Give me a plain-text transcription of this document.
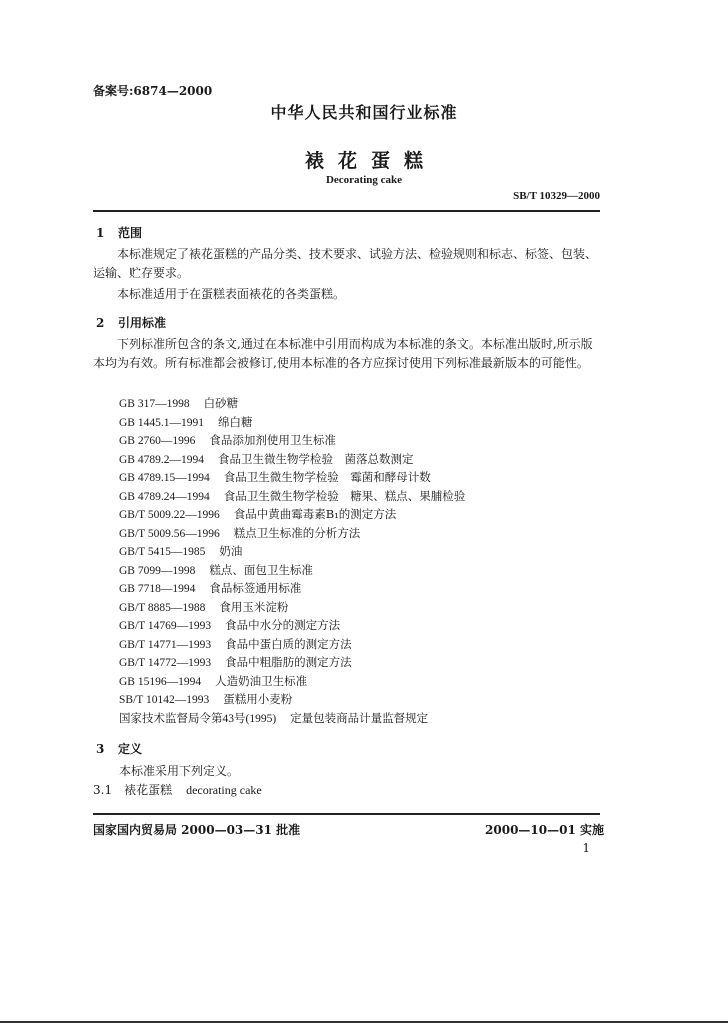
备案号:6874—2000
中华人民共和国行业标准
裱花蛋糕
Decorating cake
SB/T 10329—2000
1 范围
本标准规定了裱花蛋糕的产品分类、技术要求、试验方法、检验规则和标志、标签、包装、运输、贮存要求。
本标准适用于在蛋糕表面裱花的各类蛋糕。
2 引用标准
下列标准所包含的条文,通过在本标准中引用而构成为本标准的条文。本标准出版时,所示版本均为有效。所有标准都会被修订,使用本标准的各方应探讨使用下列标准最新版本的可能性。
GB 317—1998 白砂糖
GB 1445.1—1991 绵白糖
GB 2760—1996 食品添加剂使用卫生标准
GB 4789.2—1994 食品卫生微生物学检验　菌落总数测定
GB 4789.15—1994 食品卫生微生物学检验　霉菌和酵母计数
GB 4789.24—1994 食品卫生微生物学检验　糖果、糕点、果脯检验
GB/T 5009.22—1996 食品中黄曲霉毒素B₁的测定方法
GB/T 5009.56—1996 糕点卫生标准的分析方法
GB/T 5415—1985 奶油
GB 7099—1998 糕点、面包卫生标准
GB 7718—1994 食品标签通用标准
GB/T 8885—1988 食用玉米淀粉
GB/T 14769—1993 食品中水分的测定方法
GB/T 14771—1993 食品中蛋白质的测定方法
GB/T 14772—1993 食品中粗脂肪的测定方法
GB 15196—1994 人造奶油卫生标准
SB/T 10142—1993 蛋糕用小麦粉
国家技术监督局令第43号(1995) 定量包装商品计量监督规定
3 定义
本标准采用下列定义。
3.1 裱花蛋糕 decorating cake
国家国内贸易局 2000—03—31 批准	2000—10—01 实施
1
